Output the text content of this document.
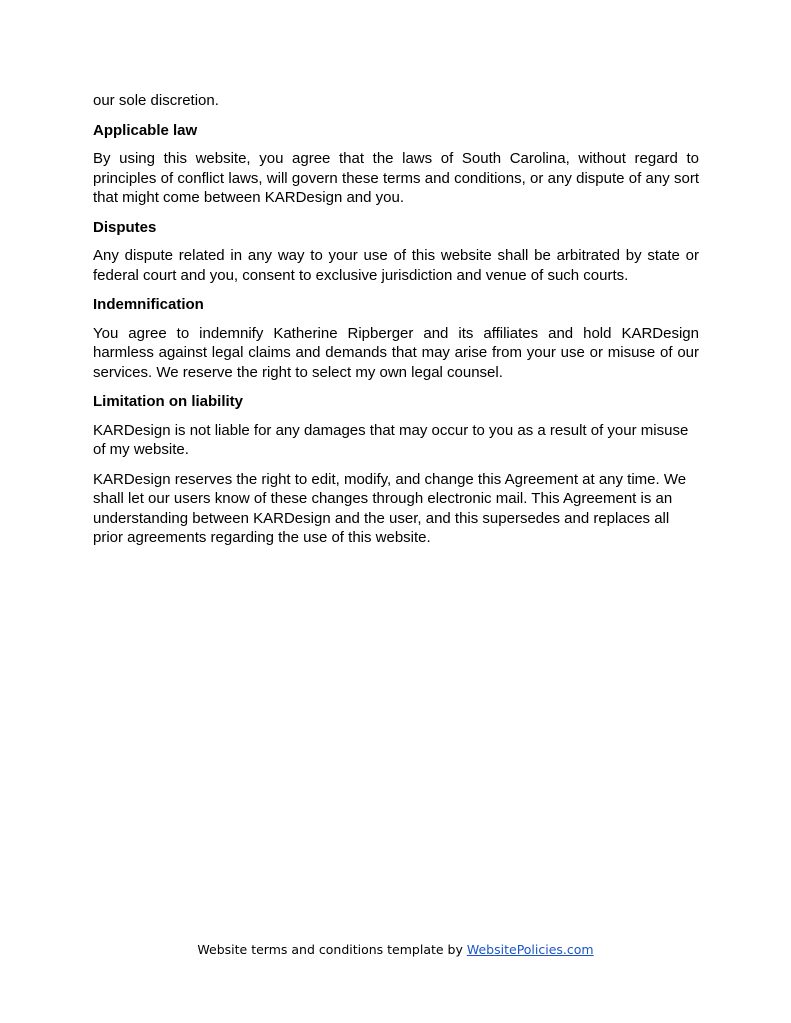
our sole discretion.

Applicable law

By using this website, you agree that the laws of South Carolina, without regard to principles of conflict laws, will govern these terms and conditions, or any dispute of any sort that might come between KARDesign and you.

Disputes

Any dispute related in any way to your use of this website shall be arbitrated by state or federal court and you, consent to exclusive jurisdiction and venue of such courts.

Indemnification

You agree to indemnify Katherine Ripberger and its affiliates and hold KARDesign harmless against legal claims and demands that may arise from your use or misuse of our services. We reserve the right to select my own legal counsel.

Limitation on liability

KARDesign is not liable for any damages that may occur to you as a result of your misuse of my website.

KARDesign reserves the right to edit, modify, and change this Agreement at any time. We shall let our users know of these changes through electronic mail. This Agreement is an understanding between KARDesign and the user, and this supersedes and replaces all prior agreements regarding the use of this website.

Website terms and conditions template by WebsitePolicies.com
